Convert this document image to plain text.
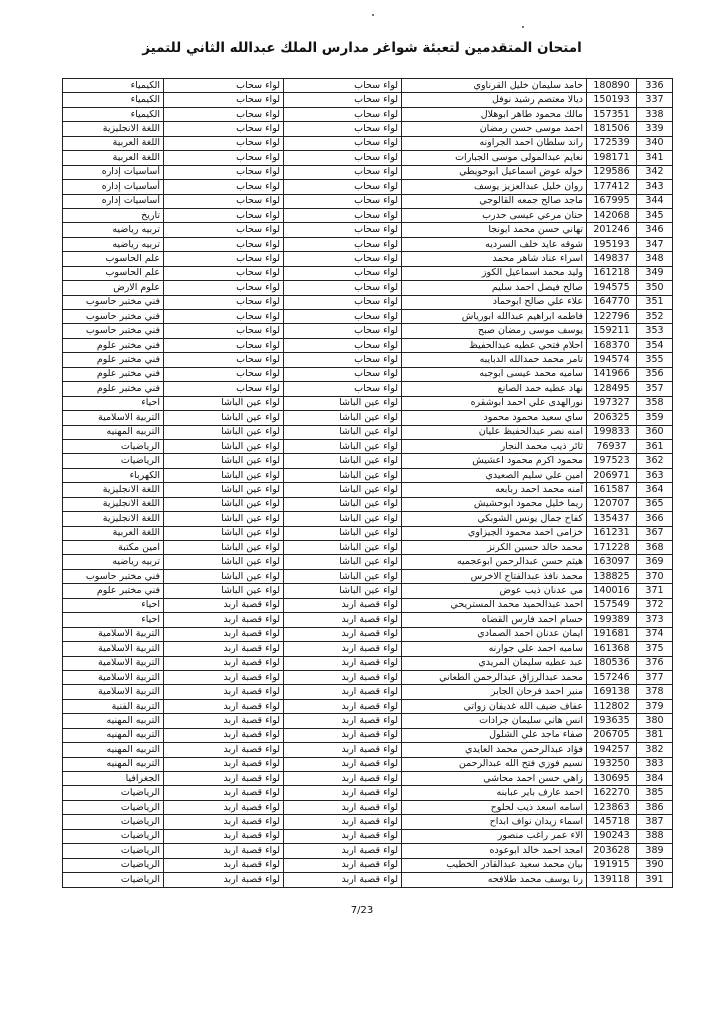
امتحان المتقدمين لتعبئة شواغر مدارس الملك عبدالله الثاني للتميز
336	180890	حامد سليمان خليل القرناوي	لواء سحاب	لواء سحاب	الكيمياء
337	150193	ديالا معتصم رشيد نوفل	لواء سحاب	لواء سحاب	الكيمياء
338	157351	مالك محمود طاهر ابوهلال	لواء سحاب	لواء سحاب	الكيمياء
339	181506	احمد موسى حسن رمضان	لواء سحاب	لواء سحاب	اللغة الانجليزية
340	172539	راند سلطان احمد الجراونه	لواء سحاب	لواء سحاب	اللغة العربية
341	198171	نعايم عبدالمولى موسى الجبارات	لواء سحاب	لواء سحاب	اللغة العربية
342	129586	خوله عوض اسماعيل ابوحويطي	لواء سحاب	لواء سحاب	أساسيات إداره
343	177412	روان خليل عبدالعزيز يوسف	لواء سحاب	لواء سحاب	أساسيات إداره
344	167995	ماجد صالح جمعه القالوجي	لواء سحاب	لواء سحاب	أساسيات إداره
345	142068	حنان مرعي عيسى حدرب	لواء سحاب	لواء سحاب	تاريخ
346	201246	تهاني حسن محمد ابونجا	لواء سحاب	لواء سحاب	تربيه رياضيه
347	195193	شوقه عايد خلف السرديه	لواء سحاب	لواء سحاب	تربيه رياضيه
348	149837	اسراء عناد شاهر محمد	لواء سحاب	لواء سحاب	علم الحاسوب
349	161218	وليد محمد اسماعيل الكوز	لواء سحاب	لواء سحاب	علم الحاسوب
350	194575	صالح فيصل احمد سليم	لواء سحاب	لواء سحاب	علوم الارض
351	164770	علاء علي صالح ابوحماد	لواء سحاب	لواء سحاب	فني مختبر حاسوب
352	122796	فاطمه ابراهيم عبدالله ابورياش	لواء سحاب	لواء سحاب	فني مختبر حاسوب
353	159211	يوسف موسى رمضان صبح	لواء سحاب	لواء سحاب	فني مختبر حاسوب
354	168370	احلام فتحي عطيه عبدالحفيظ	لواء سحاب	لواء سحاب	فني مختبر علوم
355	194574	تامر محمد حمدالله الدبايبه	لواء سحاب	لواء سحاب	فني مختبر علوم
356	141966	ساميه محمد عيسى ابوجبه	لواء سحاب	لواء سحاب	فني مختبر علوم
357	128495	نهاد عطيه حمد الصانع	لواء سحاب	لواء سحاب	فني مختبر علوم
358	197327	نورالهدى علي احمد ابوشقره	لواء عين الباشا	لواء عين الباشا	احياء
359	206325	ساي سعيد محمود محمود	لواء عين الباشا	لواء عين الباشا	التربية الاسلامية
360	199833	امنه نصر عبدالحفيظ عليان	لواء عين الباشا	لواء عين الباشا	التربيه المهنيه
361	76937	ثائر ذيب محمد النجار	لواء عين الباشا	لواء عين الباشا	الرياضيات
362	197523	محمود اكرم محمود اعشيش	لواء عين الباشا	لواء عين الباشا	الرياضيات
363	206971	امين علي سليم الصعيدي	لواء عين الباشا	لواء عين الباشا	الكهرباء
364	161587	آمنه محمد احمد ربابعه	لواء عين الباشا	لواء عين الباشا	اللغة الانجليزية
365	120707	ريما خليل محمود ابوحشيش	لواء عين الباشا	لواء عين الباشا	اللغة الانجليزية
366	135437	كفاح جمال يونس الشوبكي	لواء عين الباشا	لواء عين الباشا	اللغة الانجليزية
367	161231	خزامى احمد محمود الجيزاوي	لواء عين الباشا	لواء عين الباشا	اللغة العربية
368	171228	محمد خالد حسين الكرنز	لواء عين الباشا	لواء عين الباشا	امين مكتبة
369	163097	هيثم حسن عبدالرحمن ابوعجميه	لواء عين الباشا	لواء عين الباشا	تربيه رياضيه
370	138825	محمد نافذ عبدالفتاح الاخرس	لواء عين الباشا	لواء عين الباشا	فني مختبر حاسوب
371	140016	مي عدنان ذيب عوض	لواء عين الباشا	لواء عين الباشا	فني مختبر علوم
372	157549	احمد عبدالحميد محمد المستريحي	لواء قصبة اربد	لواء قصبة اربد	احياء
373	199389	حسام احمد فارس القضاه	لواء قصبة اربد	لواء قصبة اربد	احياء
374	191681	ايمان عدنان احمد الصمادي	لواء قصبة اربد	لواء قصبة اربد	التربية الاسلامية
375	161368	ساميه احمد علي جوارنه	لواء قصبة اربد	لواء قصبة اربد	التربية الاسلامية
376	180536	عبد عطيه سليمان المريدي	لواء قصبة اربد	لواء قصبة اربد	التربية الاسلامية
377	157246	محمد عبدالرزاق عبدالرحمن الطعاني	لواء قصبة اربد	لواء قصبة اربد	التربية الاسلامية
378	169138	منير احمد فرحان الجابر	لواء قصبة اربد	لواء قصبة اربد	التربية الاسلامية
379	112802	عفاف ضيف الله غديفان زواتي	لواء قصبة اربد	لواء قصبة اربد	التربية الفنية
380	193635	انس هاني سليمان جرادات	لواء قصبة اربد	لواء قصبة اربد	التربيه المهنيه
381	206705	صفاء ماجد علي الشلول	لواء قصبة اربد	لواء قصبة اربد	التربيه المهنيه
382	194257	فؤاد عبدالرحمن محمد العايدي	لواء قصبة اربد	لواء قصبة اربد	التربيه المهنيه
383	193250	نسيم فوزي فتح الله عبدالرحمن	لواء قصبة اربد	لواء قصبة اربد	التربيه المهنيه
384	130695	زاهي حسن احمد محاشي	لواء قصبة اربد	لواء قصبة اربد	الجغرافيا
385	162270	احمد عارف باير عبابنه	لواء قصبة اربد	لواء قصبة اربد	الرياضيات
386	123863	اسامه اسعد ذيب لحلوح	لواء قصبة اربد	لواء قصبة اربد	الرياضيات
387	145718	اسماء زيدان نواف ابداح	لواء قصبة اربد	لواء قصبة اربد	الرياضيات
388	190243	الاء عمر راغب منصور	لواء قصبة اربد	لواء قصبة اربد	الرياضيات
389	203628	امجد احمد خالد ابوعوده	لواء قصبة اربد	لواء قصبة اربد	الرياضيات
390	191915	بيان محمد سعيد عبدالقادر الخطيب	لواء قصبة اربد	لواء قصبة اربد	الرياضيات
391	139118	رنا يوسف محمد طلافحه	لواء قصبة اربد	لواء قصبة اربد	الرياضيات
7/23
